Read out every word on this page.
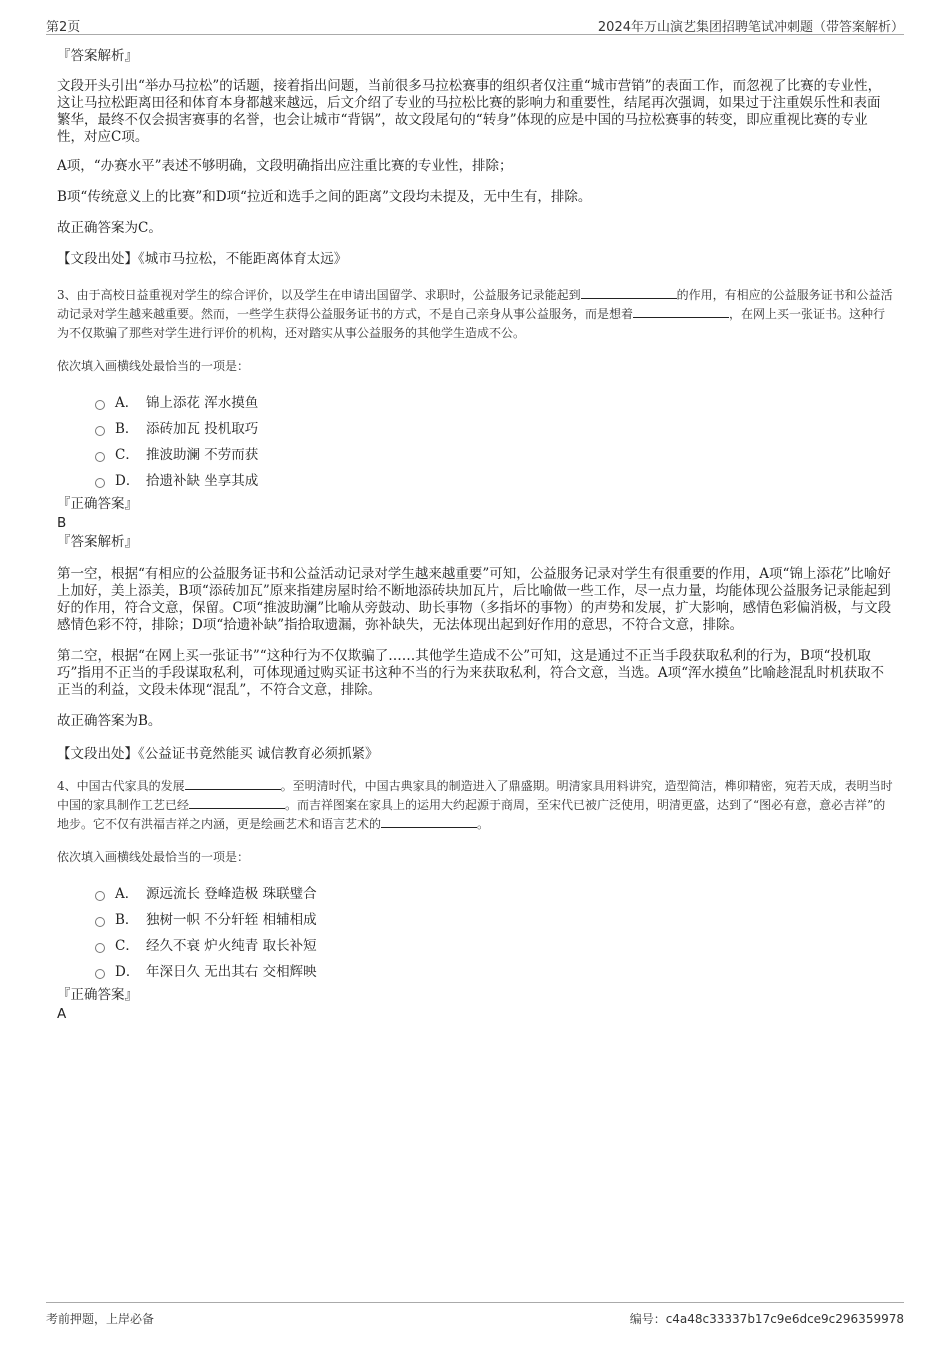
第2页	2024年万山演艺集团招聘笔试冲刺题（带答案解析）
『答案解析』

文段开头引出“举办马拉松”的话题，接着指出问题，当前很多马拉松赛事的组织者仅注重“城市营销”的表面工作，而忽视了比赛的专业性，这让马拉松距离田径和体育本身都越来越远，后文介绍了专业的马拉松比赛的影响力和重要性，结尾再次强调，如果过于注重娱乐性和表面繁华，最终不仅会损害赛事的名誉，也会让城市“背锅”，故文段尾句的“转身”体现的应是中国的马拉松赛事的转变，即应重视比赛的专业性，对应C项。

A项，“办赛水平”表述不够明确，文段明确指出应注重比赛的专业性，排除；

B项“传统意义上的比赛”和D项“拉近和选手之间的距离”文段均未提及，无中生有，排除。

故正确答案为C。

【文段出处】《城市马拉松，不能距离体育太远》

3、由于高校日益重视对学生的综合评价，以及学生在申请出国留学、求职时，公益服务记录能起到	的作用，有相应的公益服务证书和公益活动记录对学生越来越重要。然而，一些学生获得公益服务证书的方式，不是自己亲身从事公益服务，而是想着	，在网上买一张证书。这种行为不仅欺骗了那些对学生进行评价的机构，还对踏实从事公益服务的其他学生造成不公。

依次填入画横线处最恰当的一项是：

A． 锦上添花 浑水摸鱼
B． 添砖加瓦 投机取巧
C． 推波助澜 不劳而获
D． 拾遗补缺 坐享其成
『正确答案』
B
『答案解析』

第一空，根据“有相应的公益服务证书和公益活动记录对学生越来越重要”可知，公益服务记录对学生有很重要的作用，A项“锦上添花”比喻好上加好，美上添美，B项“添砖加瓦”原来指建房屋时给不断地添砖块加瓦片，后比喻做一些工作，尽一点力量，均能体现公益服务记录能起到好的作用，符合文意，保留。C项“推波助澜”比喻从旁鼓动、助长事物（多指坏的事物）的声势和发展，扩大影响，感情色彩偏消极，与文段感情色彩不符，排除；D项“拾遗补缺”指拾取遗漏，弥补缺失，无法体现出起到好作用的意思，不符合文意，排除。

第二空，根据“在网上买一张证书”“这种行为不仅欺骗了……其他学生造成不公”可知，这是通过不正当手段获取私利的行为，B项“投机取巧”指用不正当的手段谋取私利，可体现通过购买证书这种不当的行为来获取私利，符合文意，当选。A项“浑水摸鱼”比喻趁混乱时机获取不正当的利益，文段未体现“混乱”，不符合文意，排除。

故正确答案为B。

【文段出处】《公益证书竟然能买 诚信教育必须抓紧》

4、中国古代家具的发展	。至明清时代，中国古典家具的制造进入了鼎盛期。明清家具用料讲究，造型简洁，榫卯精密，宛若天成，表明当时中国的家具制作工艺已经	。而吉祥图案在家具上的运用大约起源于商周，至宋代已被广泛使用，明清更盛，达到了“图必有意，意必吉祥”的地步。它不仅有洪福吉祥之内涵，更是绘画艺术和语言艺术的	。

依次填入画横线处最恰当的一项是：

A． 源远流长 登峰造极 珠联璧合
B． 独树一帜 不分轩轾 相辅相成
C． 经久不衰 炉火纯青 取长补短
D． 年深日久 无出其右 交相辉映
『正确答案』
A
考前押题，上岸必备	编号：c4a48c33337b17c9e6dce9c296359978
